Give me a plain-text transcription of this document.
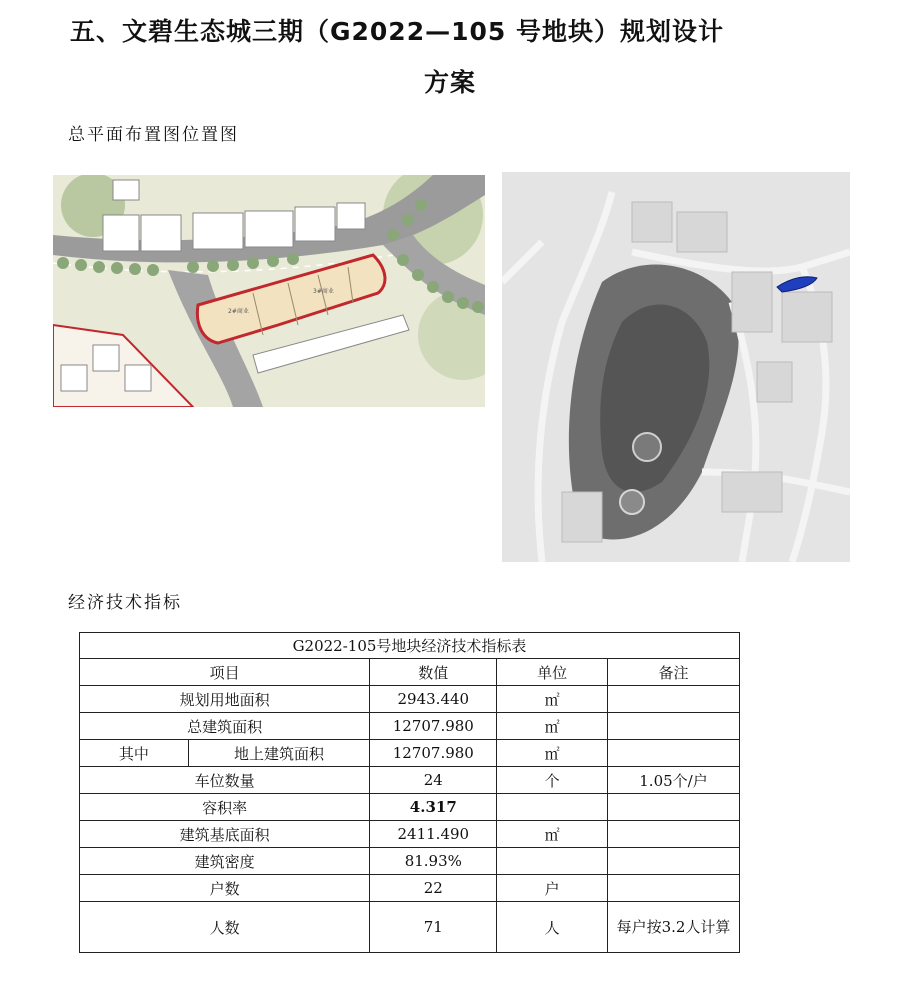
五、文碧生态城三期（G2022—105 号地块）规划设计
方案
总平面布置图位置图
2#商业
3#商业
经济技术指标
G2022-105号地块经济技术指标表				
项目		数值	单位	备注
规划用地面积		2943.440	㎡	
总建筑面积		12707.980	㎡	
其中	地上建筑面积	12707.980	㎡	
车位数量		24	个	1.05个/户
容积率		4.317		
建筑基底面积		2411.490	㎡	
建筑密度		81.93%		
户数		22	户	
人数		71	人	每户按3.2人计算
